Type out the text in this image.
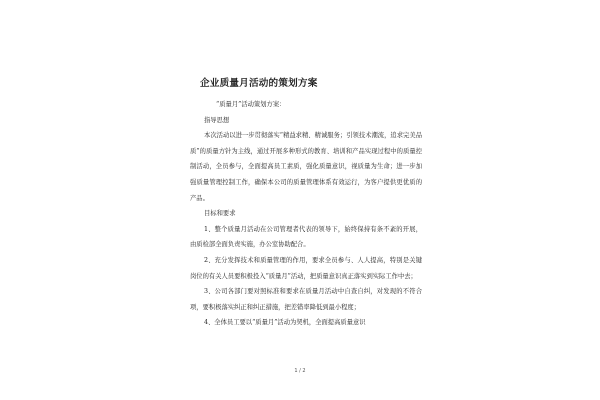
企业质量月活动的策划方案

“质量月”活动策划方案：

指导思想

本次活动以进一步贯彻落实“精益求精、精诚服务；引领技术潮流，追求完美品质”的质量方针为主线，通过开展多种形式的教育、培训和产品实现过程中的质量控制活动，全员参与，全面提高员工素质，强化质量意识，视质量为生命；进一步加强质量管理控制工作，确保本公司的质量管理体系有效运行，为客户提供更优质的产品。

目标和要求

1、整个质量月活动在公司管理者代表的领导下，始终保持有条不紊的开展，由质检部全面负责实施，办公室协助配合。

2、充分发挥技术和质量管理的作用，要求全员参与、人人提高，特别是关键岗位的有关人员要积极投入“质量月”活动，把质量意识真正落实到实际工作中去；

3、公司各部门要对照标准和要求在质量月活动中自查自纠，对发现的不符合项，要积极落实纠正和纠正措施，把差错率降低到最小程度；

4、全体员工要以“质量月”活动为契机，全面提高质量意识

1 / 2
